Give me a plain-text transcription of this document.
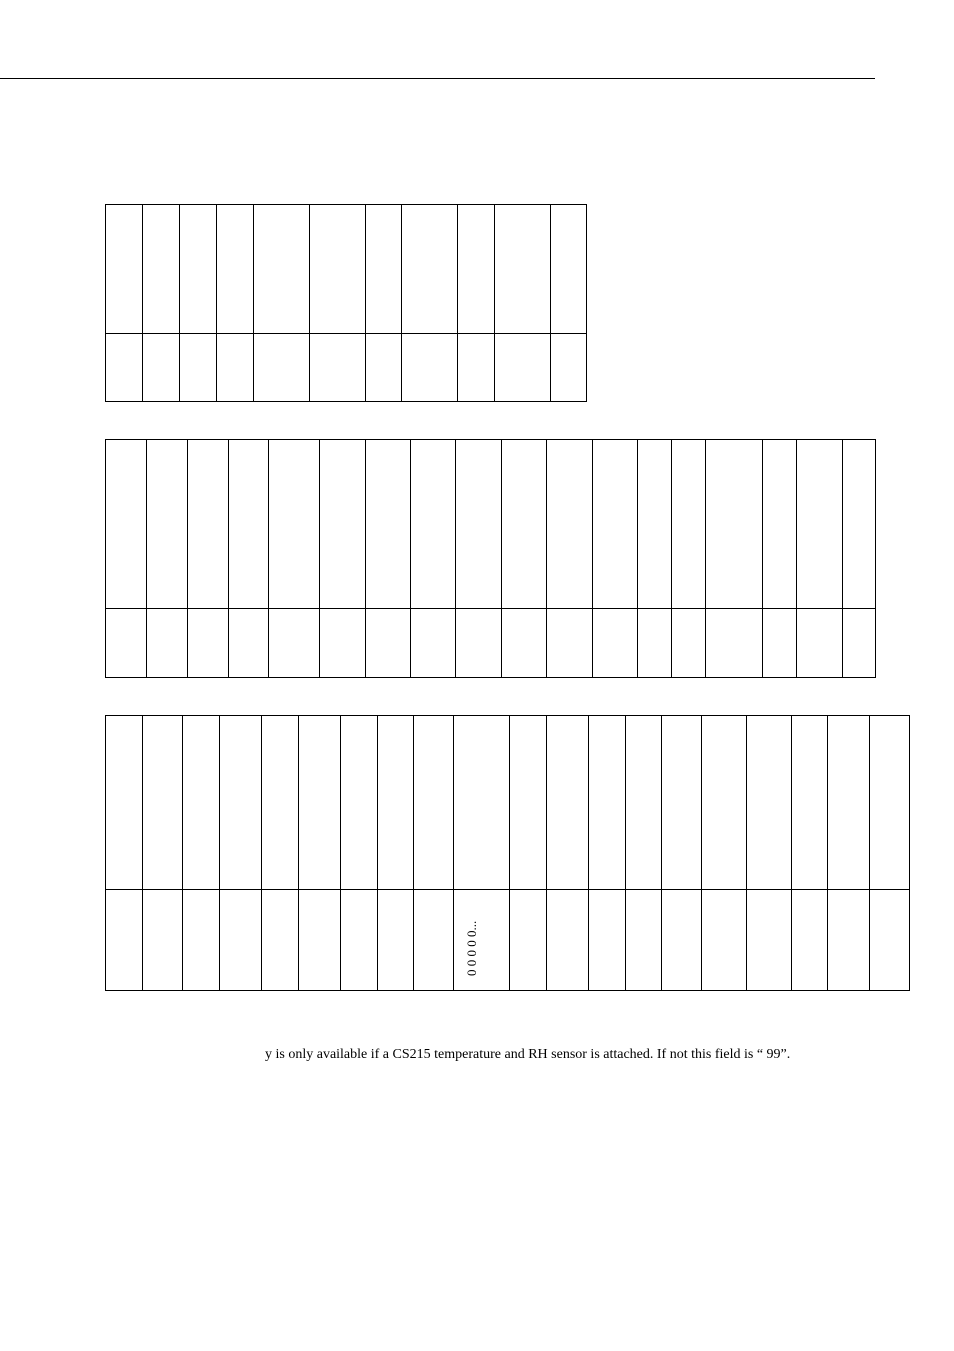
0 0 0 0 0...
y is only available if a CS215 temperature and RH sensor is attached. If not this field is “ 99”.
